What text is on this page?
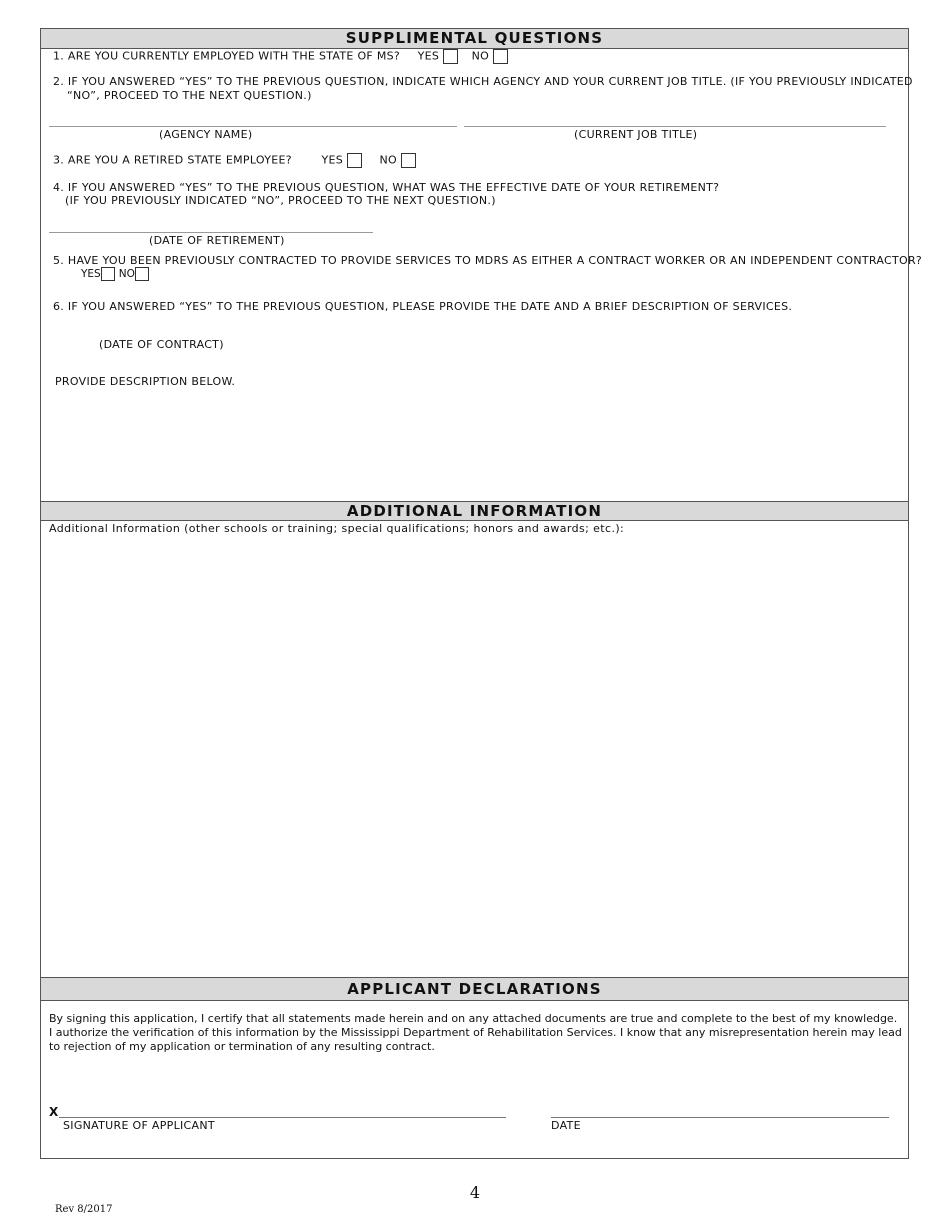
SUPPLIMENTAL QUESTIONS
1. ARE YOU CURRENTLY EMPLOYED WITH THE STATE OF MS? YES	NO
2. IF YOU ANSWERED “YES” TO THE PREVIOUS QUESTION, INDICATE WHICH AGENCY AND YOUR CURRENT JOB TITLE. (IF YOU PREVIOUSLY INDICATED
“NO”, PROCEED TO THE NEXT QUESTION.)
(AGENCY NAME)	(CURRENT JOB TITLE)
3. ARE YOU A RETIRED STATE EMPLOYEE?	YES	NO
4. IF YOU ANSWERED “YES” TO THE PREVIOUS QUESTION, WHAT WAS THE EFFECTIVE DATE OF YOUR RETIREMENT?
(IF YOU PREVIOUSLY INDICATED “NO”, PROCEED TO THE NEXT QUESTION.)
(DATE OF RETIREMENT)
5. HAVE YOU BEEN PREVIOUSLY CONTRACTED TO PROVIDE SERVICES TO MDRS AS EITHER A CONTRACT WORKER OR AN INDEPENDENT CONTRACTOR?
YES NO
6. IF YOU ANSWERED “YES” TO THE PREVIOUS QUESTION, PLEASE PROVIDE THE DATE AND A BRIEF DESCRIPTION OF SERVICES.
(DATE OF CONTRACT)
PROVIDE DESCRIPTION BELOW.
ADDITIONAL INFORMATION
Additional Information (other schools or training; special qualifications; honors and awards; etc.):
APPLICANT DECLARATIONS
By signing this application, I certify that all statements made herein and on any attached documents are true and complete to the best of my knowledge.
I authorize the verification of this information by the Mississippi Department of Rehabilitation Services. I know that any misrepresentation herein may lead
to rejection of my application or termination of any resulting contract.
X
SIGNATURE OF APPLICANT	DATE
4
Rev 8/2017
